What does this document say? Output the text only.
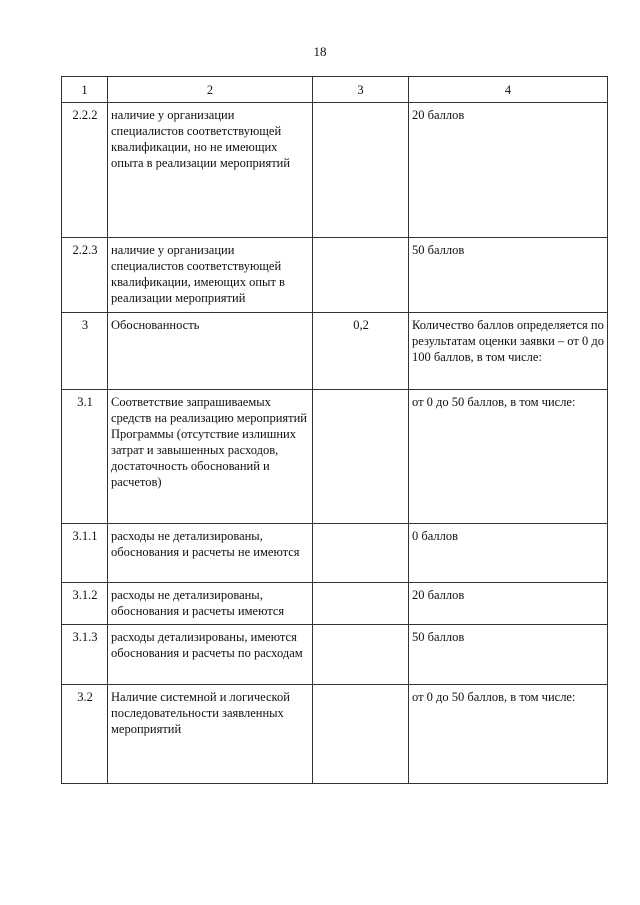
18
1	2	3	4
2.2.2	наличие у организации специалистов соответствующей квалификации, но не имеющих опыта в реализации мероприятий		20 баллов
2.2.3	наличие у организации специалистов соответствующей квалификации, имеющих опыт в реализации мероприятий		50 баллов
3	Обоснованность	0,2	Количество баллов определяется по результатам оценки заявки – от 0 до 100 баллов, в том числе:
3.1	Соответствие запрашиваемых средств на реализацию мероприятий Программы (отсутствие излишних затрат и завышенных расходов, достаточность обоснований и расчетов)		от 0 до 50 баллов, в том числе:
3.1.1	расходы не детализированы, обоснования и расчеты не имеются		0 баллов
3.1.2	расходы не детализированы, обоснования и расчеты имеются		20 баллов
3.1.3	расходы детализированы, имеются обоснования и расчеты по расходам		50 баллов
3.2	Наличие системной и логической последовательности заявленных мероприятий		от 0 до 50 баллов, в том числе:
